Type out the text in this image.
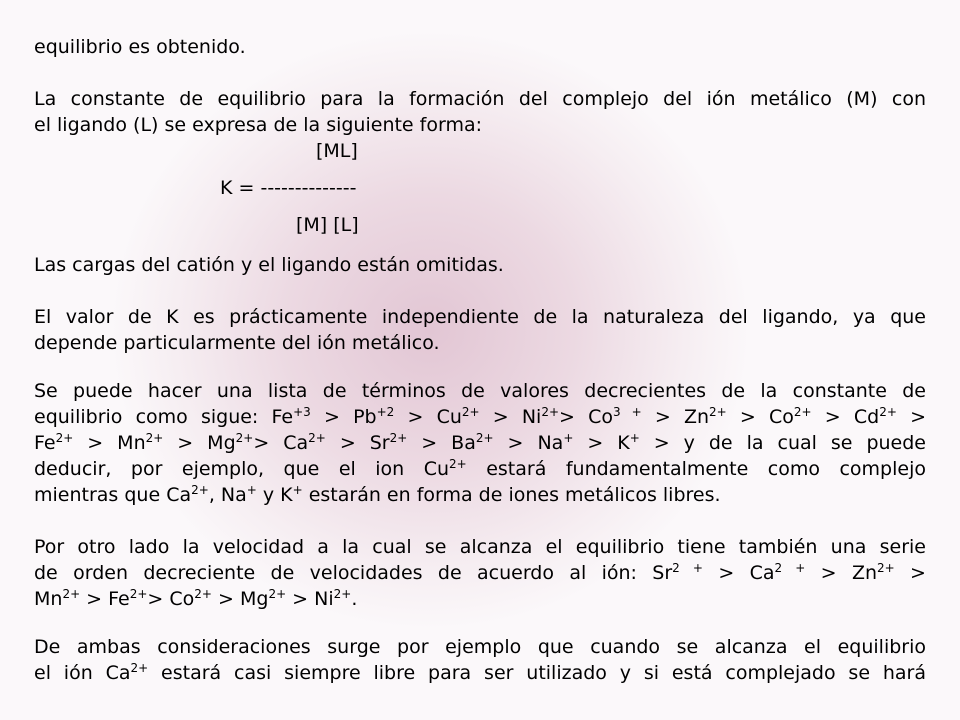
equilibrio es obtenido.

La constante de equilibrio para la formación del complejo del ión metálico (M) con

el ligando (L) se expresa de la siguiente forma:

[ML]
K = --------------
[M] [L]

Las cargas del catión y el ligando están omitidas.

El valor de K es prácticamente independiente de la naturaleza del ligando, ya que

depende particularmente del ión metálico.

Se puede hacer una lista de términos de valores decrecientes de la constante de

equilibrio como sigue: $Fe^{+3} > Pb^{+2} > Cu^{2+} > Ni^{2+}> Co^{3 +} > Zn^{2+} > Co^{2+} > Cd^{2+}$ >

$Fe^{2+} > Mn^{2+} > Mg^{2+}> Ca^{2+} > Sr^{2+} > Ba^{2+} > Na^+ > K^+ > y$ de la cual se puede

deducir, por ejemplo, que el ion $Cu^{2+}$ estará fundamentalmente como complejo

mientras que $Ca^{2+}$, Na+ y K+ estarán en forma de iones metálicos libres.

Por otro lado la velocidad a la cual se alcanza el equilibrio tiene también una serie

de orden decreciente de velocidades de acuerdo al ión: $Sr^{2 +} > Ca^{2 +} > Zn^{2+}$ >

$Mn^{2+} > Fe^{2+}> Co^{2+} > Mg^{2+} > Ni^{2+}$.

De ambas consideraciones surge por ejemplo que cuando se alcanza el equilibrio

el ión $Ca^{2+}$ estará casi siempre libre para ser utilizado y si está complejado se hará
